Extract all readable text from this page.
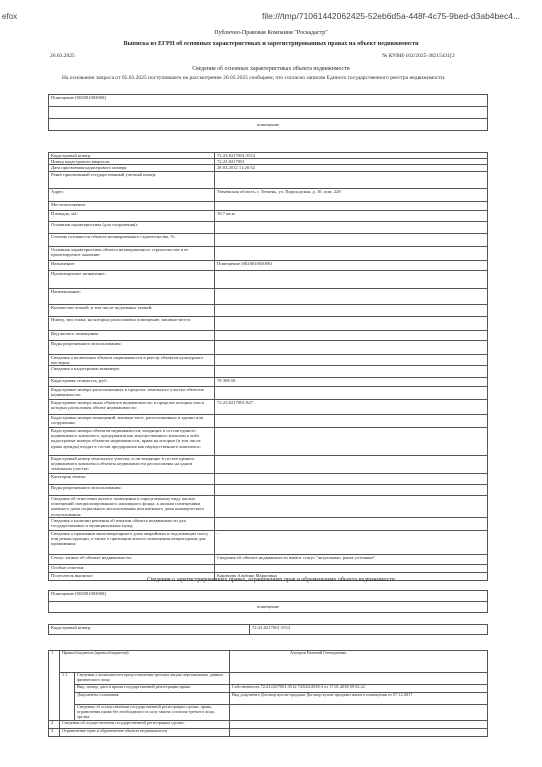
efox	file:///tmp/71061442062425-52eb6d5a-448f-4c75-9bed-d3ab4bec4...
Публично-Правовая Компания "Роскадастр"
Выписка из ЕГРН об основных характеристиках и зарегистрированных правах на объект недвижимости
26.03.2025	№ КУВИ-102/2025-38215431[2
Сведения об основных характеристиках объекта недвижимости
На основании запроса от 05.03.2025 поступившего на рассмотрение 26.03.2025 сообщаем, что согласно записям Единого государственного реестра недвижимости:
Помещение (002001003000)

помещение
Кадастровый номер:	72:23:0217001:3512
Номер кадастрового квартала:	72:23:0217001
Дата присвоения кадастрового номера:	28.03.2012 11:26:52
Ранее присвоенный государственный учетный номер:	
Адрес:	Тюменская область, г. Тюмень, ул. Пароходская, д. 10, пом. 228
Местоположение:	
Площадь, м2:	19.7 кв.м
Основная характеристика (для сооружения):	
Степень готовности объекта незавершенного строительства, %:	
Основная характеристика объекта незавершенного строительства и ее проектируемое значение:	
Назначение:	Помещение (002001003000)
Проектируемое назначение:	
Наименование:	
Количество этажей, в том числе подземных этажей:	
Номер, тип этажа, на котором расположено помещение, машино-место:	
Вид жилого помещения:	
Виды разрешенного использования:	
Сведения о включении объекта недвижимости в реестр объектов культурного наследия:	
Сведения о кадастровом инженере:	
Кадастровая стоимость, руб.:	78 308.58
Кадастровые номера расположенных в пределах земельного участка объектов недвижимости:	
Кадастровые номера иных объектов недвижимости, в пределах которых или в которых расположен объект недвижимости:	72:23:0217001:847
Кадастровые номера помещений, машино-мест, расположенных в здании или сооружении:	
Кадастровые номера объектов недвижимости, входящих в состав единого недвижимого комплекса, предприятия как имущественного комплекса либо кадастровые номера объектов недвижимости, права на которые (в том числе право аренды) входят в состав предприятия как имущественного комплекса:	
Кадастровый номер земельного участка, если входящие в состав единого недвижимого комплекса объекты недвижимости расположены на одном земельном участке:	
Категория земель:	
Виды разрешенного использования:	
Сведения об отнесении жилого помещения к определенному виду жилых помещений специализированного жилищного фонда, к жилым помещениям наемного дома социального использования или наемного дома коммерческого использования:	
Сведения о наличии решения об изъятии объекта недвижимости для государственных и муниципальных нужд:	
Сведения о признании многоквартирного дома аварийным и подлежащим сносу или реконструкции, а также о признании жилого помещения непригодным для проживания:	-
Статус записи об объекте недвижимости:	Сведения об объекте недвижимости имеют статус "актуальные, ранее учтенные"
Особые отметки:	
Получатель выписки:	Каримова Альбина Маратовна
Сведения о зарегистрированных правах, ограничениях прав и обременениях объекта недвижимости
Помещение (002001003000)
помещение
Кадастровый номер:	72:23:0217001:3512
1	Правообладатель (правообладатели):		Ахунров Евгений Геннадьевич
	1.1	Сведения о возможности предоставления третьим лицам персональных данных физического лица	
		Вид, номер, дата и время государственной регистрации права:	Собственность 72:23:0217001:3512-72/043/2018-3 от 17.01.2018 09:52:22
		Документы-основания:	Вид документа Договор купли-продажи Договор купли-продажи жилого помещения от 07.12.2017
		Сведения об осуществлении государственной регистрации сделки, права, ограничения права без необходимого в силу закона согласия третьего лица, органа:	
2	Сведения об осуществлении государственной регистрации сделки:		
3	Ограничение прав и обременение объекта недвижимости		
